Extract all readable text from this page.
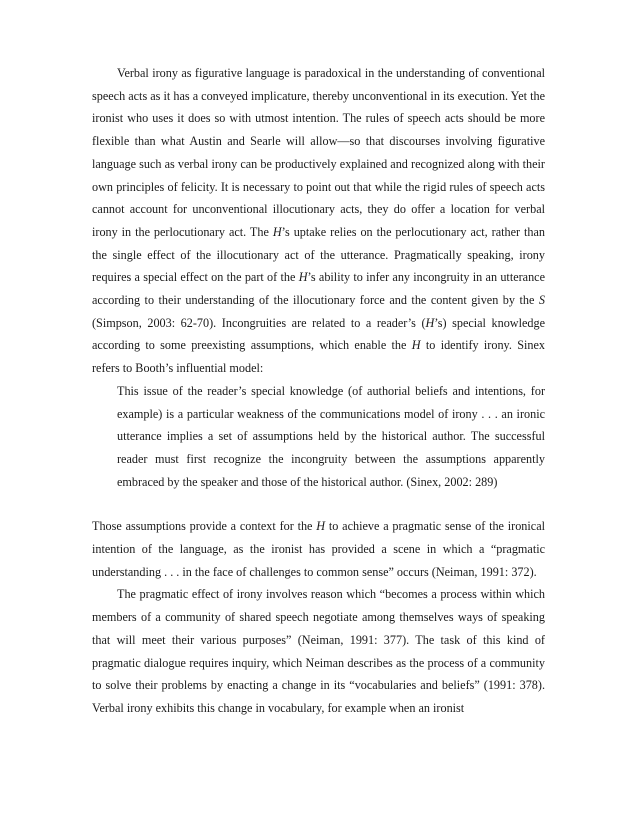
Verbal irony as figurative language is paradoxical in the understanding of conventional speech acts as it has a conveyed implicature, thereby unconventional in its execution. Yet the ironist who uses it does so with utmost intention. The rules of speech acts should be more flexible than what Austin and Searle will allow—so that discourses involving figurative language such as verbal irony can be productively explained and recognized along with their own principles of felicity. It is necessary to point out that while the rigid rules of speech acts cannot account for unconventional illocutionary acts, they do offer a location for verbal irony in the perlocutionary act. The H’s uptake relies on the perlocutionary act, rather than the single effect of the illocutionary act of the utterance. Pragmatically speaking, irony requires a special effect on the part of the H’s ability to infer any incongruity in an utterance according to their understanding of the illocutionary force and the content given by the S (Simpson, 2003: 62-70). Incongruities are related to a reader’s (H’s) special knowledge according to some preexisting assumptions, which enable the H to identify irony. Sinex refers to Booth’s influential model:

This issue of the reader’s special knowledge (of authorial beliefs and intentions, for example) is a particular weakness of the communications model of irony . . . an ironic utterance implies a set of assumptions held by the historical author. The successful reader must first recognize the incongruity between the assumptions apparently embraced by the speaker and those of the historical author. (Sinex, 2002: 289)

Those assumptions provide a context for the H to achieve a pragmatic sense of the ironical intention of the language, as the ironist has provided a scene in which a “pragmatic understanding . . . in the face of challenges to common sense” occurs (Neiman, 1991: 372).

The pragmatic effect of irony involves reason which “becomes a process within which members of a community of shared speech negotiate among themselves ways of speaking that will meet their various purposes” (Neiman, 1991: 377). The task of this kind of pragmatic dialogue requires inquiry, which Neiman describes as the process of a community to solve their problems by enacting a change in its “vocabularies and beliefs” (1991: 378). Verbal irony exhibits this change in vocabulary, for example when an ironist
